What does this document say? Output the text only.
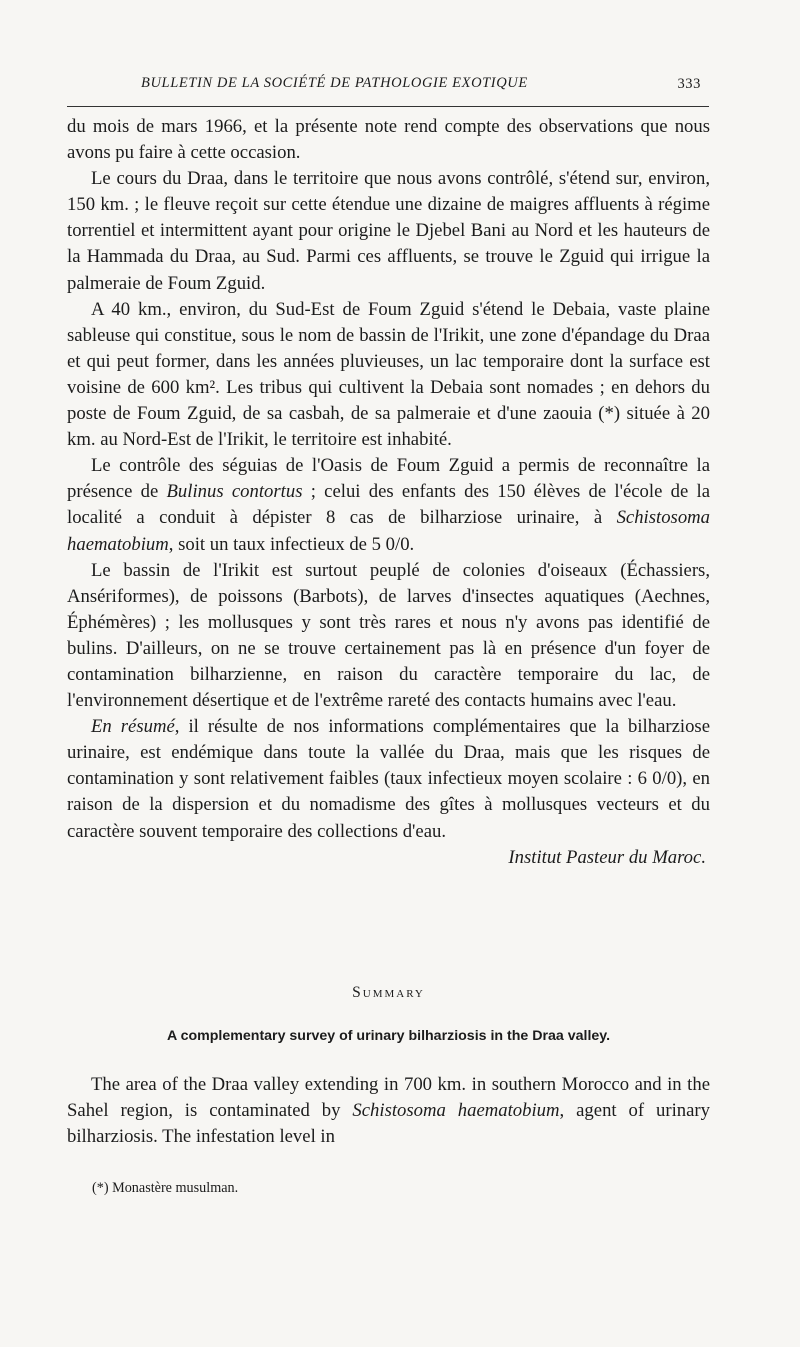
BULLETIN DE LA SOCIÉTÉ DE PATHOLOGIE EXOTIQUE	333

du mois de mars 1966, et la présente note rend compte des observations que nous avons pu faire à cette occasion.

Le cours du Draa, dans le territoire que nous avons contrôlé, s'étend sur, environ, 150 km. ; le fleuve reçoit sur cette étendue une dizaine de maigres affluents à régime torrentiel et intermittent ayant pour origine le Djebel Bani au Nord et les hauteurs de la Hammada du Draa, au Sud. Parmi ces affluents, se trouve le Zguid qui irrigue la palmeraie de Foum Zguid.

A 40 km., environ, du Sud-Est de Foum Zguid s'étend le Debaia, vaste plaine sableuse qui constitue, sous le nom de bassin de l'Irikit, une zone d'épandage du Draa et qui peut former, dans les années pluvieuses, un lac temporaire dont la surface est voisine de 600 km². Les tribus qui cultivent la Debaia sont nomades ; en dehors du poste de Foum Zguid, de sa casbah, de sa palmeraie et d'une zaouia (*) située à 20 km. au Nord-Est de l'Irikit, le territoire est inhabité.

Le contrôle des séguias de l'Oasis de Foum Zguid a permis de reconnaître la présence de Bulinus contortus ; celui des enfants des 150 élèves de l'école de la localité a conduit à dépister 8 cas de bilharziose urinaire, à Schistosoma haematobium, soit un taux infectieux de 5 0/0.

Le bassin de l'Irikit est surtout peuplé de colonies d'oiseaux (Échassiers, Ansériformes), de poissons (Barbots), de larves d'insectes aquatiques (Aechnes, Éphémères) ; les mollusques y sont très rares et nous n'y avons pas identifié de bulins. D'ailleurs, on ne se trouve certainement pas là en présence d'un foyer de contamination bilharzienne, en raison du caractère temporaire du lac, de l'environnement désertique et de l'extrême rareté des contacts humains avec l'eau.

En résumé, il résulte de nos informations complémentaires que la bilharziose urinaire, est endémique dans toute la vallée du Draa, mais que les risques de contamination y sont relativement faibles (taux infectieux moyen scolaire : 6 0/0), en raison de la dispersion et du nomadisme des gîtes à mollusques vecteurs et du caractère souvent temporaire des collections d'eau.

Institut Pasteur du Maroc.

Summary
A complementary survey of urinary bilharziosis in the Draa valley.

The area of the Draa valley extending in 700 km. in southern Morocco and in the Sahel region, is contaminated by Schistosoma haematobium, agent of urinary bilharziosis. The infestation level in

(*) Monastère musulman.
